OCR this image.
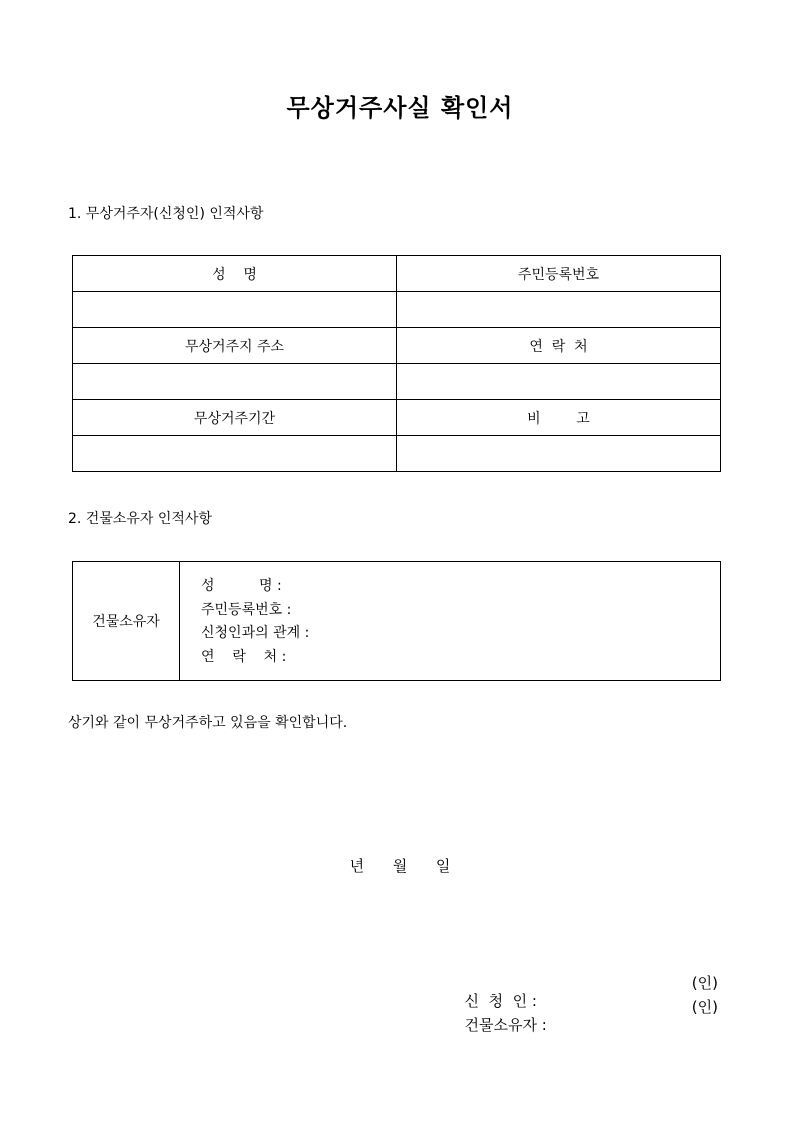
무상거주사실 확인서
1. 무상거주자(신청인) 인적사항
성    명	주민등록번호

무상거주지 주소	연  락  처

무상거주기간	비        고

2. 건물소유자 인적사항
건물소유자
성          명 :
주민등록번호 :
신청인과의 관계 :
연    락    처 :
상기와 같이 무상거주하고 있음을 확인합니다.
년      월      일

신  청  인 :

(인)

건물소유자 :

(인)
